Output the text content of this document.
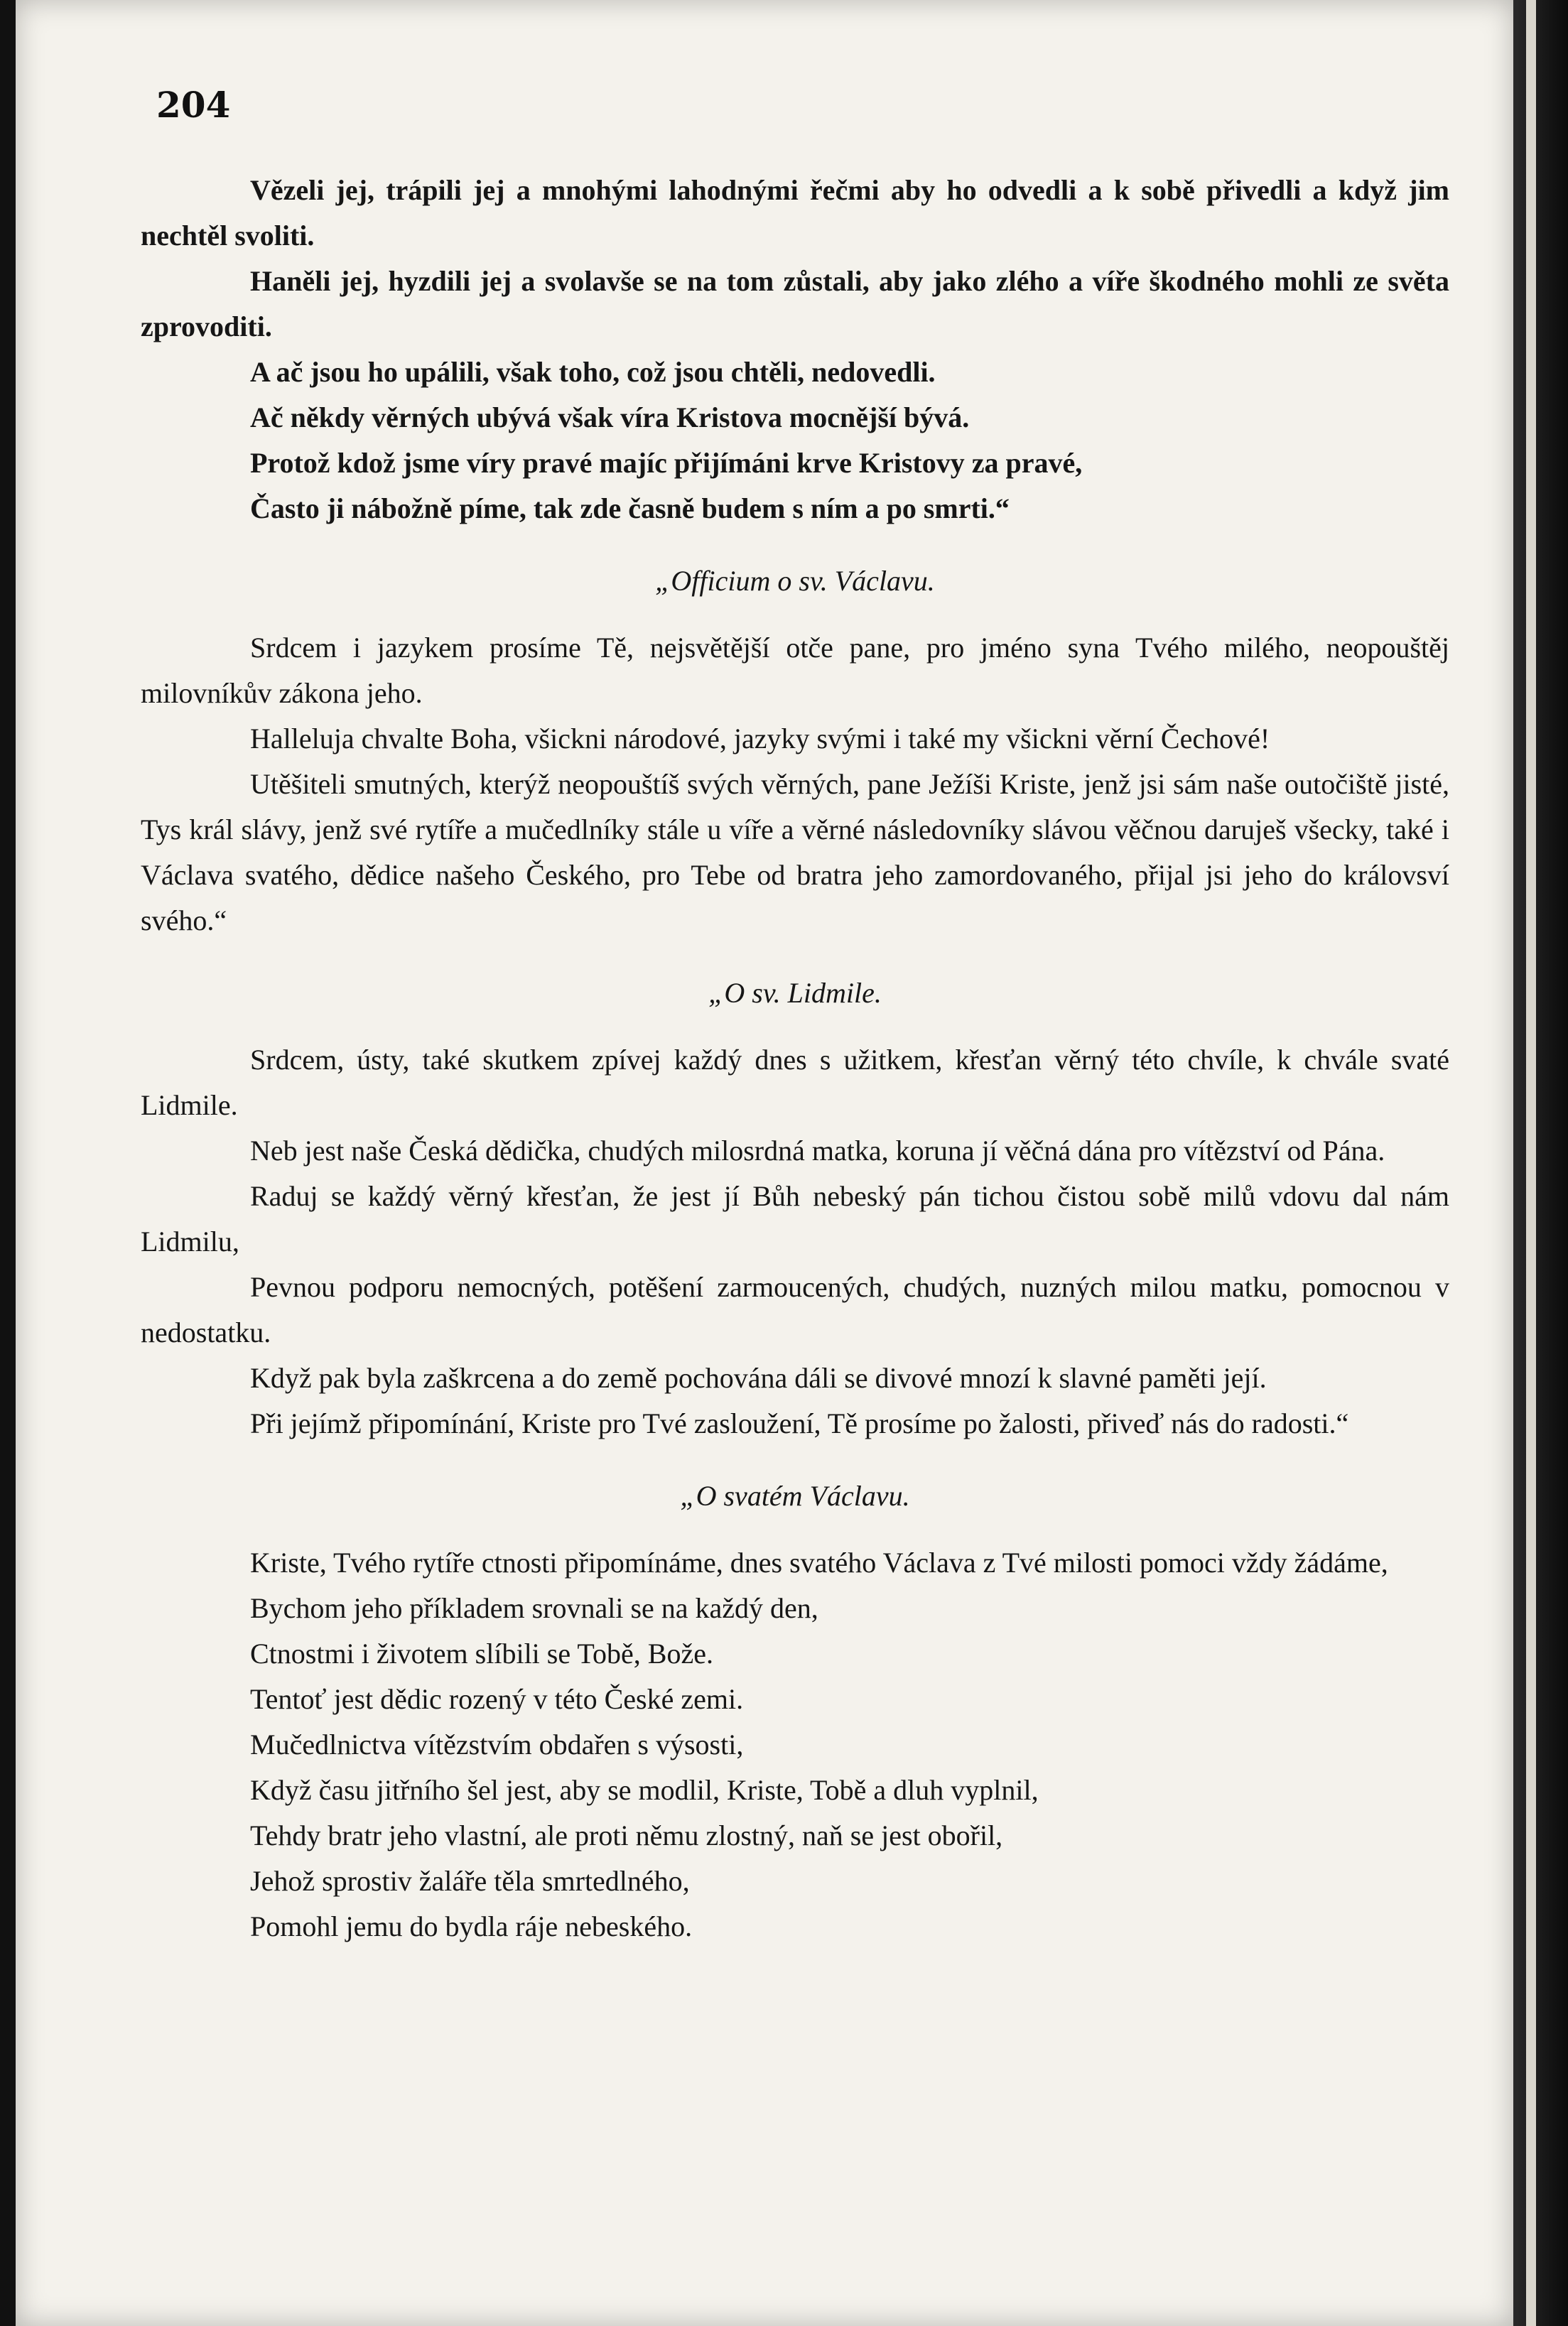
204

Vězeli jej, trápili jej a mnohými lahodnými řečmi aby ho odvedli a k sobě přivedli a když jim nechtěl svoliti.

Haněli jej, hyzdili jej a svolavše se na tom zůstali, aby jako zlého a víře škodného mohli ze světa zprovoditi.

A ač jsou ho upálili, však toho, což jsou chtěli, nedovedli.

Ač někdy věrných ubývá však víra Kristova mocnější bývá.

Protož kdož jsme víry pravé majíc přijímáni krve Kristovy za pravé,

Často ji nábožně píme, tak zde časně budem s ním a po smrti.“

„Officium o sv. Václavu.

Srdcem i jazykem prosíme Tě, nejsvětější otče pane, pro jméno syna Tvého milého, neopouštěj milovníkův zákona jeho.

Halleluja chvalte Boha, všickni národové, jazyky svými i také my všickni věrní Čechové!

Utěšiteli smutných, kterýž neopouštíš svých věrných, pane Ježíši Kriste, jenž jsi sám naše outočiště jisté, Tys král slávy, jenž své rytíře a mučedlníky stále u víře a věrné následovníky slávou věčnou daruješ všecky, také i Václava svatého, dědice našeho Českého, pro Tebe od bratra jeho zamordovaného, přijal jsi jeho do královsví svého.“

„O sv. Lidmile.

Srdcem, ústy, také skutkem zpívej každý dnes s užitkem, křesťan věrný této chvíle, k chvále svaté Lidmile.

Neb jest naše Česká dědička, chudých milosrdná matka, koruna jí věčná dána pro vítězství od Pána.

Raduj se každý věrný křesťan, že jest jí Bůh nebeský pán tichou čistou sobě milů vdovu dal nám Lidmilu,

Pevnou podporu nemocných, potěšení zarmoucených, chudých, nuzných milou matku, pomocnou v nedostatku.

Když pak byla zaškrcena a do země pochována dáli se divové mnozí k slavné paměti její.

Při jejímž připomínání, Kriste pro Tvé zasloužení, Tě prosíme po žalosti, přiveď nás do radosti.“

„O svatém Václavu.

Kriste, Tvého rytíře ctnosti připomínáme, dnes svatého Václava z Tvé milosti pomoci vždy žádáme,

Bychom jeho příkladem srovnali se na každý den,

Ctnostmi i životem slíbili se Tobě, Bože.

Tentoť jest dědic rozený v této České zemi.

Mučedlnictva vítězstvím obdařen s výsosti,

Když času jitřního šel jest, aby se modlil, Kriste, Tobě a dluh vyplnil,

Tehdy bratr jeho vlastní, ale proti němu zlostný, naň se jest obořil,

Jehož sprostiv žaláře těla smrtedlného,

Pomohl jemu do bydla ráje nebeského.
